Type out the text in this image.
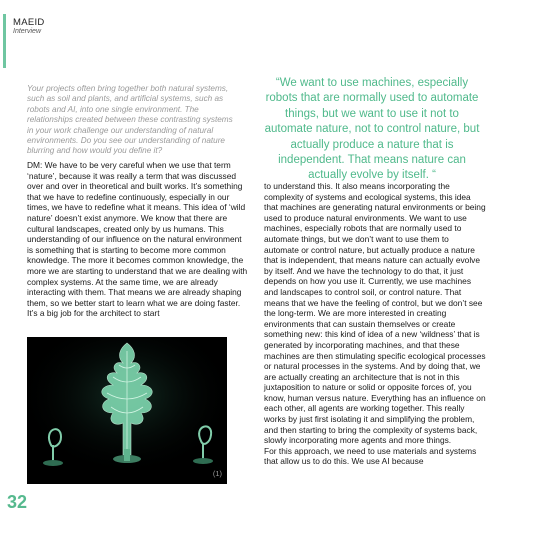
MAEID
Interview

Your projects often bring together both natural systems, such as soil and plants, and artificial systems, such as robots and AI, into one single environment. The relationships created between these contrasting systems in your work challenge our understanding of natural environments. Do you see our understanding of nature blurring and how would you define it?

“We want to use machines, especially robots that are normally used to automate things, but we want to use it not to automate nature, not to control nature, but actually produce a nature that is independent. That means nature can actually evolve by itself. “

DM: We have to be very careful when we use that term ‘nature’, because it was really a term that was discussed over and over in theoretical and built works. It’s something that we have to redefine continuously, especially in our times, we have to redefine what it means. This idea of ‘wild nature’ doesn’t exist anymore. We know that there are cultural landscapes, created only by us humans. This understanding of our influence on the natural environment is something that is starting to become more common knowledge. The more it becomes common knowledge, the more we are starting to understand that we are dealing with complex systems. At the same time, we are already interacting with them. That means we are already shaping them, so we better start to learn what we are doing faster. It’s a big job for the architect to start

to understand this. It also means incorporating the complexity of systems and ecological systems, this idea that machines are generating natural environments or being used to produce natural environments. We want to use machines, especially robots that are normally used to automate things, but we don’t want to use them to automate or control nature, but actually produce a nature that is independent, that means nature can actually evolve by itself. And we have the technology to do that, it just depends on how you use it. Currently, we use machines and landscapes to control soil, or control nature. That means that we have the feeling of control, but we don’t see the long-term. We are more interested in creating environments that can sustain themselves or create something new: this kind of idea of a new ‘wildness’ that is generated by incorporating machines, and that these machines are then stimulating specific ecological processes or natural processes in the systems. And by doing that, we are actually creating an architecture that is not in this juxtaposition to nature or solid or opposite forces of, you know, human versus nature. Everything has an influence on each other, all agents are working together. This really works by just first isolating it and simplifying the problem, and then starting to bring the complexity of systems back, slowly incorporating more agents and more things.

For this approach, we need to use materials and systems that allow us to do this. We use AI because

(1)
32
